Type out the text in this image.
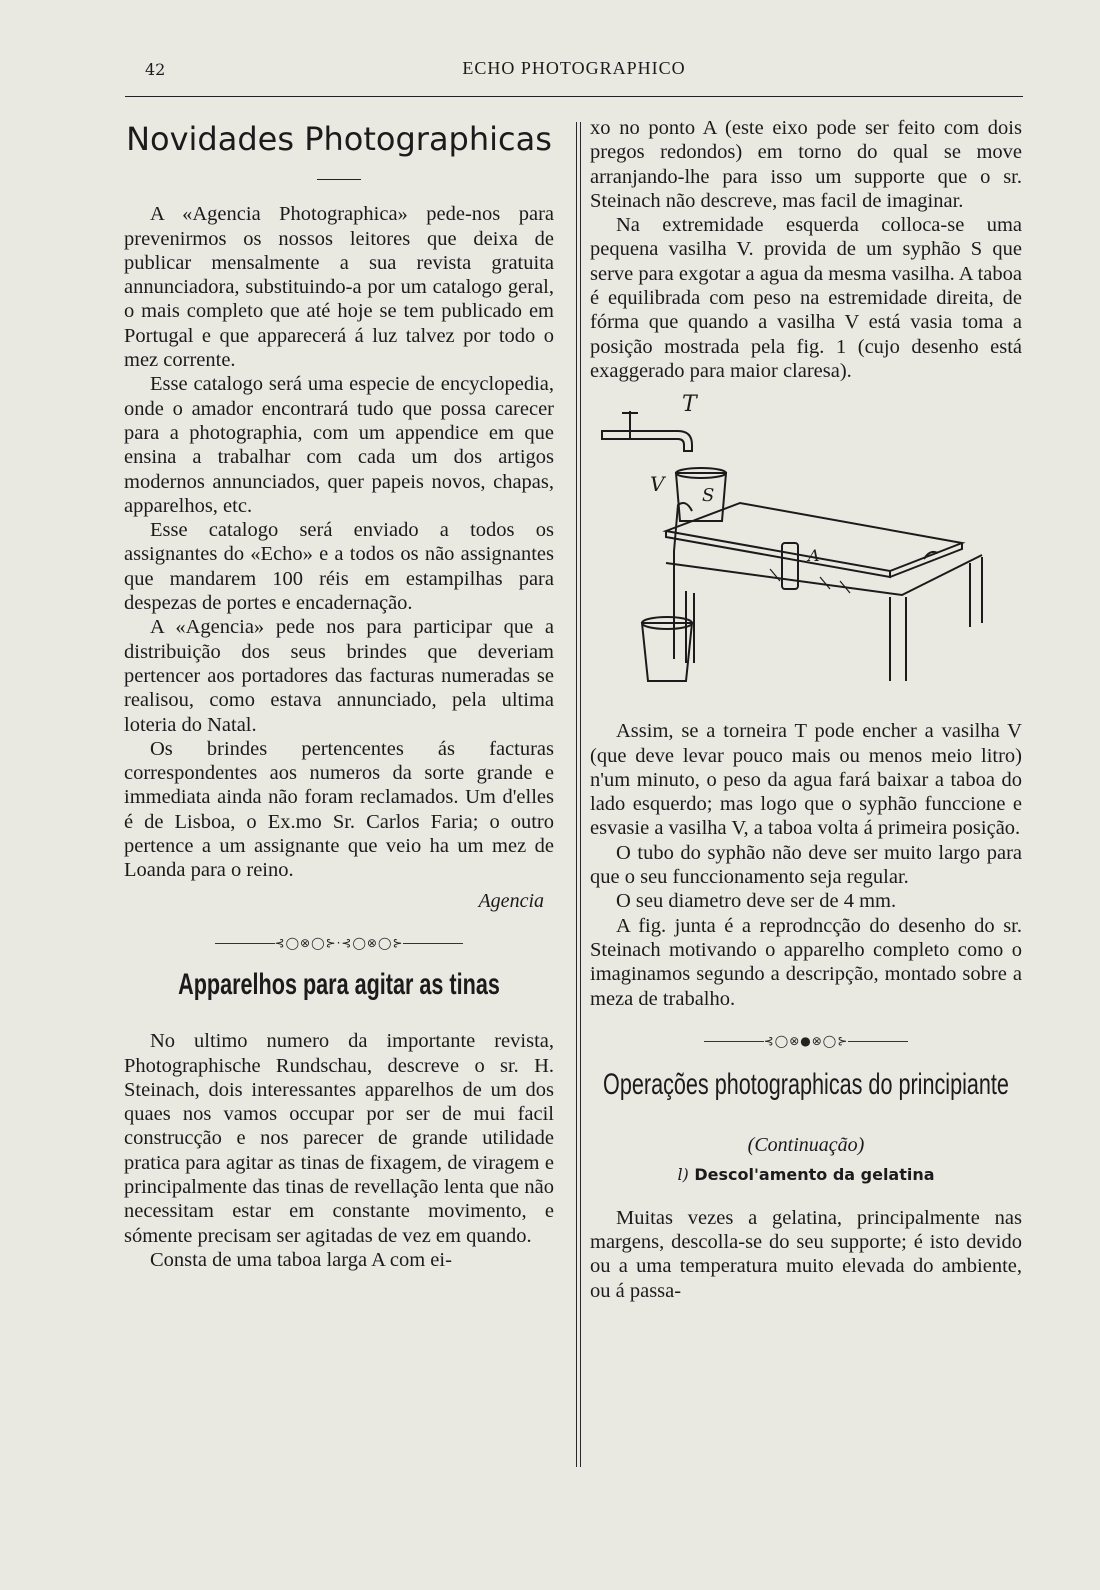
42	ECHO PHOTOGRAPHICO
Novidades Photographicas

A «Agencia Photographica» pede-nos para prevenirmos os nossos leitores que deixa de publicar mensalmente a sua revista gratuita annunciadora, substituindo-a por um catalogo geral, o mais completo que até hoje se tem publicado em Portugal e que apparecerá á luz talvez por todo o mez corrente.

Esse catalogo será uma especie de encyclopedia, onde o amador encontrará tudo que possa carecer para a photographia, com um appendice em que ensina a trabalhar com cada um dos artigos modernos annunciados, quer papeis novos, chapas, apparelhos, etc.

Esse catalogo será enviado a todos os assignantes do «Echo» e a todos os não assignantes que mandarem 100 réis em estampilhas para despezas de portes e encadernação.

A «Agencia» pede nos para participar que a distribuição dos seus brindes que deveriam pertencer aos portadores das facturas numeradas se realisou, como estava annunciado, pela ultima loteria do Natal.

Os brindes pertencentes ás facturas correspondentes aos numeros da sorte grande e immediata ainda não foram reclamados. Um d'elles é de Lisboa, o Ex.mo Sr. Carlos Faria; o outro pertence a um assignante que veio ha um mez de Loanda para o reino.

Agencia
⊰◯⊗◯⊱·⊰◯⊗◯⊱
Apparelhos para agitar as tinas

No ultimo numero da importante revista, Photographische Rundschau, descreve o sr. H. Steinach, dois interessantes apparelhos de um dos quaes nos vamos occupar por ser de mui facil construcção e nos parecer de grande utilidade pratica para agitar as tinas de fixagem, de viragem e principalmente das tinas de revellação lenta que não necessitam estar em constante movimento, e sómente precisam ser agitadas de vez em quando.

Consta de uma taboa larga A com ei-

xo no ponto A (este eixo pode ser feito com dois pregos redondos) em torno do qual se move arranjando-lhe para isso um supporte que o sr. Steinach não descreve, mas facil de imaginar.

Na extremidade esquerda colloca-se uma pequena vasilha V. provida de um syphão S que serve para exgotar a agua da mesma vasilha. A taboa é equilibrada com peso na estremidade direita, de fórma que quando a vasilha V está vasia toma a posição mostrada pela fig. 1 (cujo desenho está exaggerado para maior claresa).

T
V S
A

Assim, se a torneira T pode encher a vasilha V (que deve levar pouco mais ou menos meio litro) n'um minuto, o peso da agua fará baixar a taboa do lado esquerdo; mas logo que o syphão funccione e esvasie a vasilha V, a taboa volta á primeira posição.

O tubo do syphão não deve ser muito largo para que o seu funccionamento seja regular.

O seu diametro deve ser de 4 mm.

A fig. junta é a reprodncção do desenho do sr. Steinach motivando o apparelho completo como o imaginamos segundo a descripção, montado sobre a meza de trabalho.

⊰◯⊗●⊗◯⊱
Operações photographicas do principiante
(Continuação)
l) Descol'amento da gelatina

Muitas vezes a gelatina, principalmente nas margens, descolla-se do seu supporte; é isto devido ou a uma temperatura muito elevada do ambiente, ou á passa-
